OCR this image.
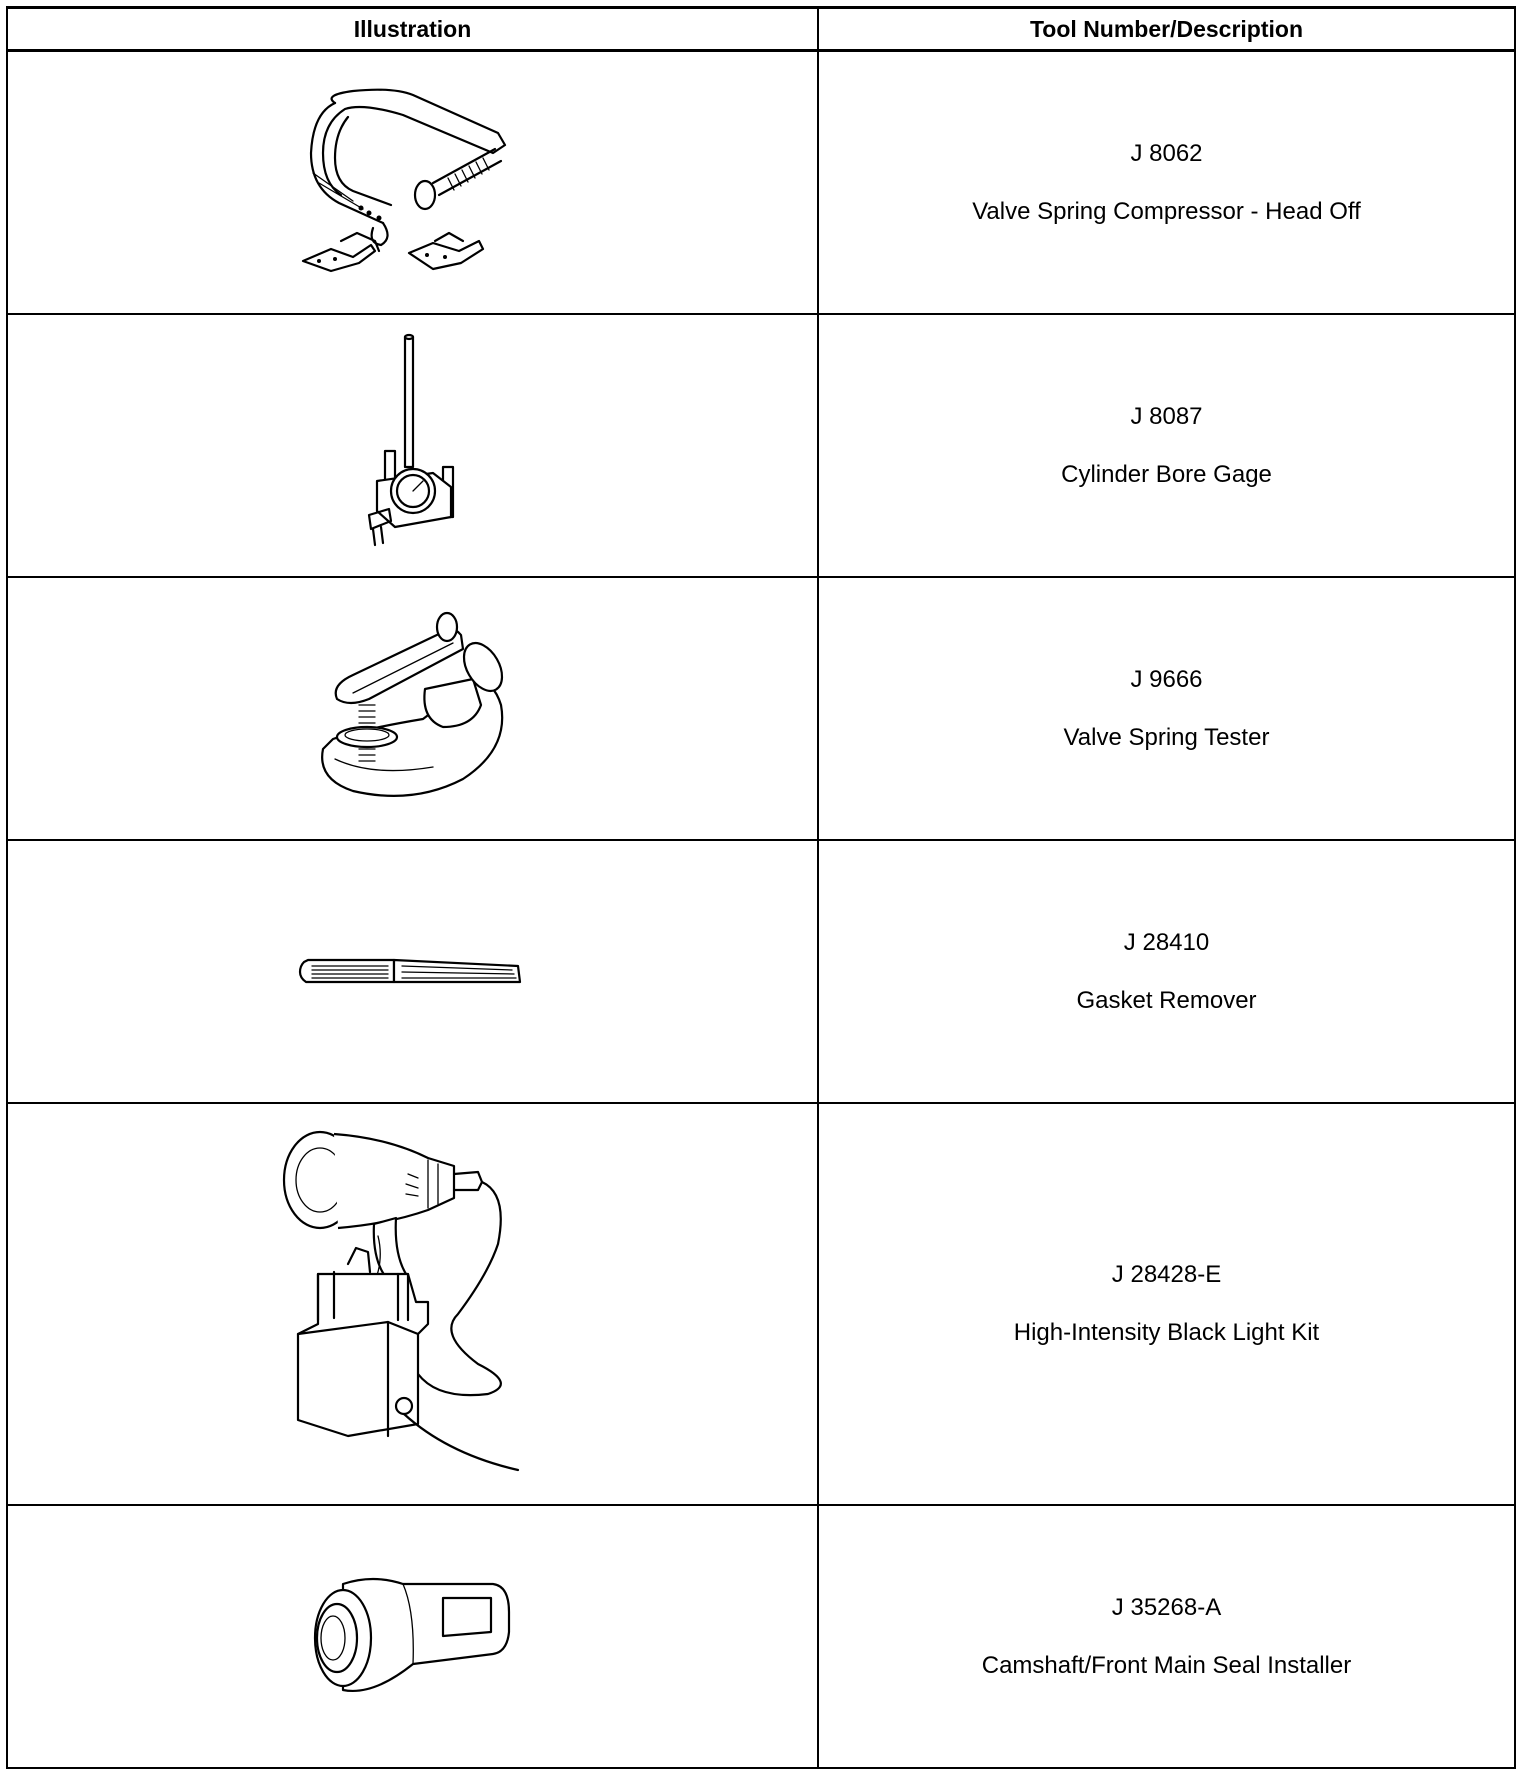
Illustration	Tool Number/Description

J 8062
Valve Spring Compressor - Head Off

J 8087
Cylinder Bore Gage

J 9666
Valve Spring Tester

J 28410
Gasket Remover

J 28428-E
High-Intensity Black Light Kit

J 35268-A
Camshaft/Front Main Seal Installer
